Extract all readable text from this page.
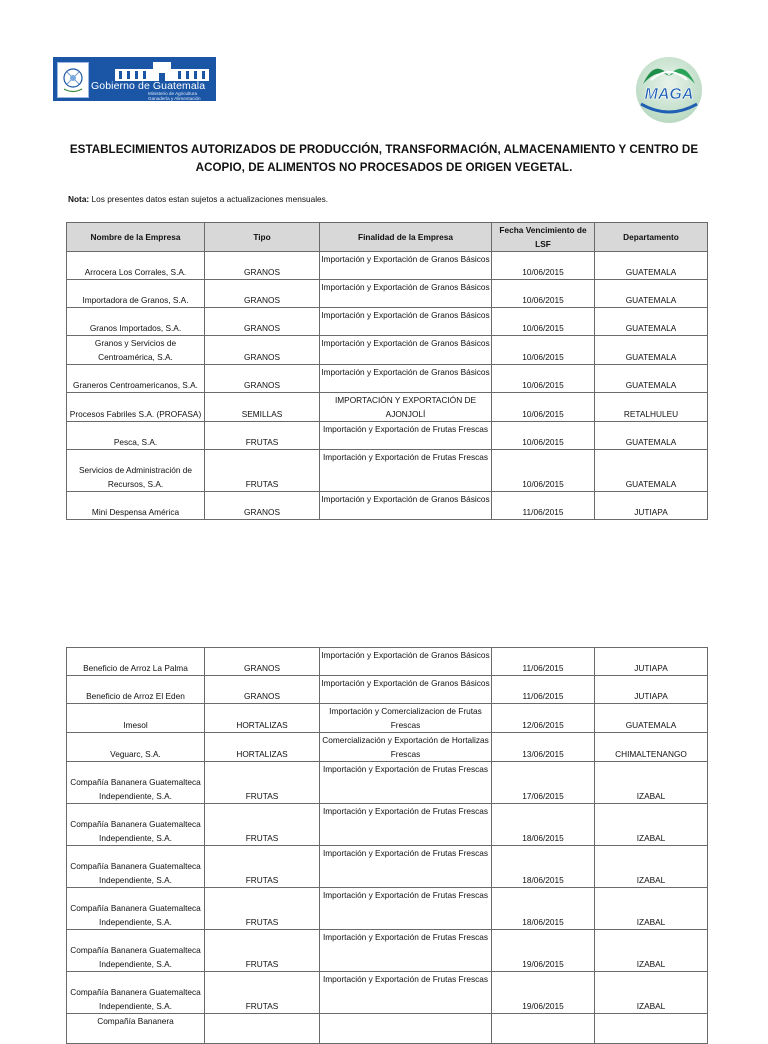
Gobierno de Guatemala
Ministerio de Agricultura Ganadería y Alimentación	MAGA
ESTABLECIMIENTOS AUTORIZADOS DE PRODUCCIÓN, TRANSFORMACIÓN, ALMACENAMIENTO Y CENTRO DE ACOPIO, DE ALIMENTOS NO PROCESADOS DE ORIGEN VEGETAL.
Nota: Los presentes datos estan sujetos a actualizaciones mensuales.
Nombre de la Empresa	Tipo	Finalidad de la Empresa	Fecha Vencimiento de LSF	Departamento
Arrocera Los Corrales, S.A.	GRANOS	Importación y Exportación de Granos Básicos	10/06/2015	GUATEMALA
Importadora de Granos, S.A.	GRANOS	Importación y Exportación de Granos Básicos	10/06/2015	GUATEMALA
Granos Importados, S.A.	GRANOS	Importación y Exportación de Granos Básicos	10/06/2015	GUATEMALA
Granos y Servicios de Centroamérica, S.A.	GRANOS	Importación y Exportación de Granos Básicos	10/06/2015	GUATEMALA
Graneros Centroamericanos, S.A.	GRANOS	Importación y Exportación de Granos Básicos	10/06/2015	GUATEMALA
Procesos Fabriles S.A. (PROFASA)	SEMILLAS	IMPORTACIÓN Y EXPORTACIÓN DE AJONJOLÍ	10/06/2015	RETALHULEU
Pesca, S.A.	FRUTAS	Importación y Exportación de Frutas Frescas	10/06/2015	GUATEMALA
Servicios de Administración de Recursos, S.A.	FRUTAS	Importación y Exportación de Frutas Frescas	10/06/2015	GUATEMALA
Mini Despensa América	GRANOS	Importación y Exportación de Granos Básicos	11/06/2015	JUTIAPA
Beneficio de Arroz La Palma	GRANOS	Importación y Exportación de Granos Básicos	11/06/2015	JUTIAPA
Beneficio de Arroz El Eden	GRANOS	Importación y Exportación de Granos Básicos	11/06/2015	JUTIAPA
Imesol	HORTALIZAS	Importación y Comercializacion de Frutas Frescas	12/06/2015	GUATEMALA
Veguarc, S.A.	HORTALIZAS	Comercialización y Exportación de Hortalizas Frescas	13/06/2015	CHIMALTENANGO
Compañía Bananera Guatemalteca Independiente, S.A.	FRUTAS	Importación y Exportación de Frutas Frescas	17/06/2015	IZABAL
Compañía Bananera Guatemalteca Independiente, S.A.	FRUTAS	Importación y Exportación de Frutas Frescas	18/06/2015	IZABAL
Compañía Bananera Guatemalteca Independiente, S.A.	FRUTAS	Importación y Exportación de Frutas Frescas	18/06/2015	IZABAL
Compañía Bananera Guatemalteca Independiente, S.A.	FRUTAS	Importación y Exportación de Frutas Frescas	18/06/2015	IZABAL
Compañía Bananera Guatemalteca Independiente, S.A.	FRUTAS	Importación y Exportación de Frutas Frescas	19/06/2015	IZABAL
Compañía Bananera Guatemalteca Independiente, S.A.	FRUTAS	Importación y Exportación de Frutas Frescas	19/06/2015	IZABAL
Compañía Bananera				
